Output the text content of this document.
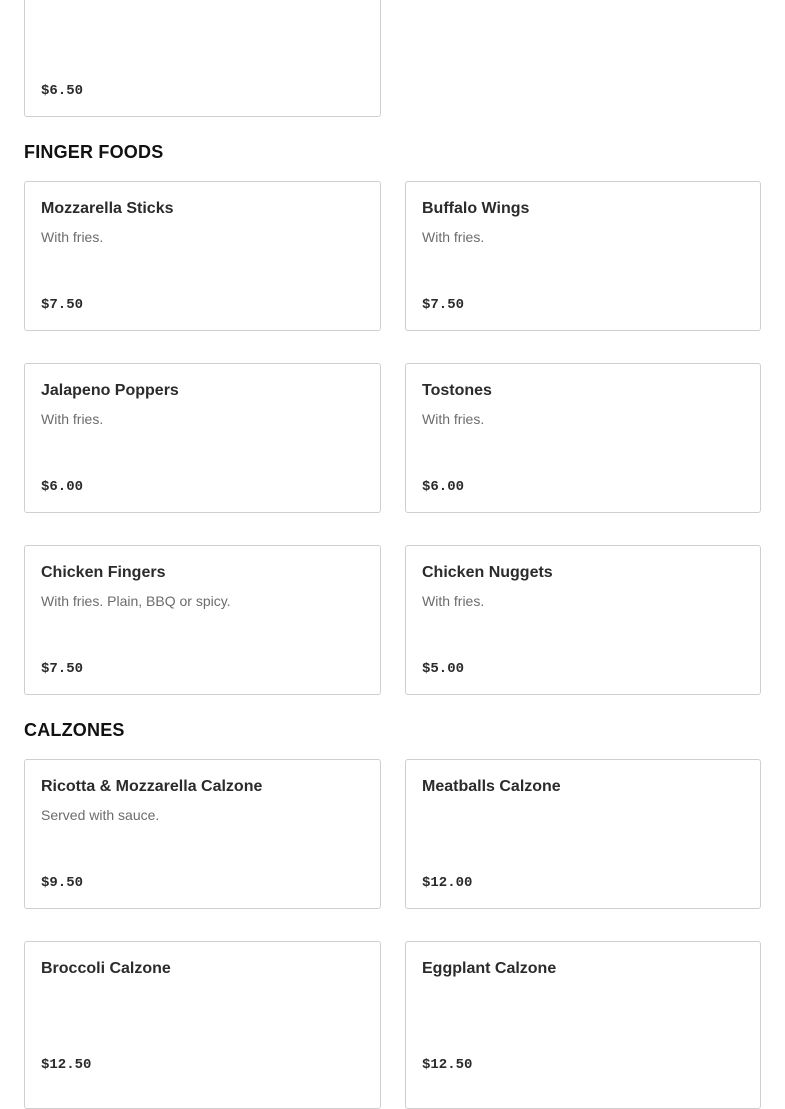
$6.50
FINGER FOODS
Mozzarella Sticks
With fries.
$7.50
Buffalo Wings
With fries.
$7.50
Jalapeno Poppers
With fries.
$6.00
Tostones
With fries.
$6.00
Chicken Fingers
With fries. Plain, BBQ or spicy.
$7.50
Chicken Nuggets
With fries.
$5.00
CALZONES
Ricotta & Mozzarella Calzone
Served with sauce.
$9.50
Meatballs Calzone
$12.00
Broccoli Calzone
$12.50
Eggplant Calzone
$12.50
